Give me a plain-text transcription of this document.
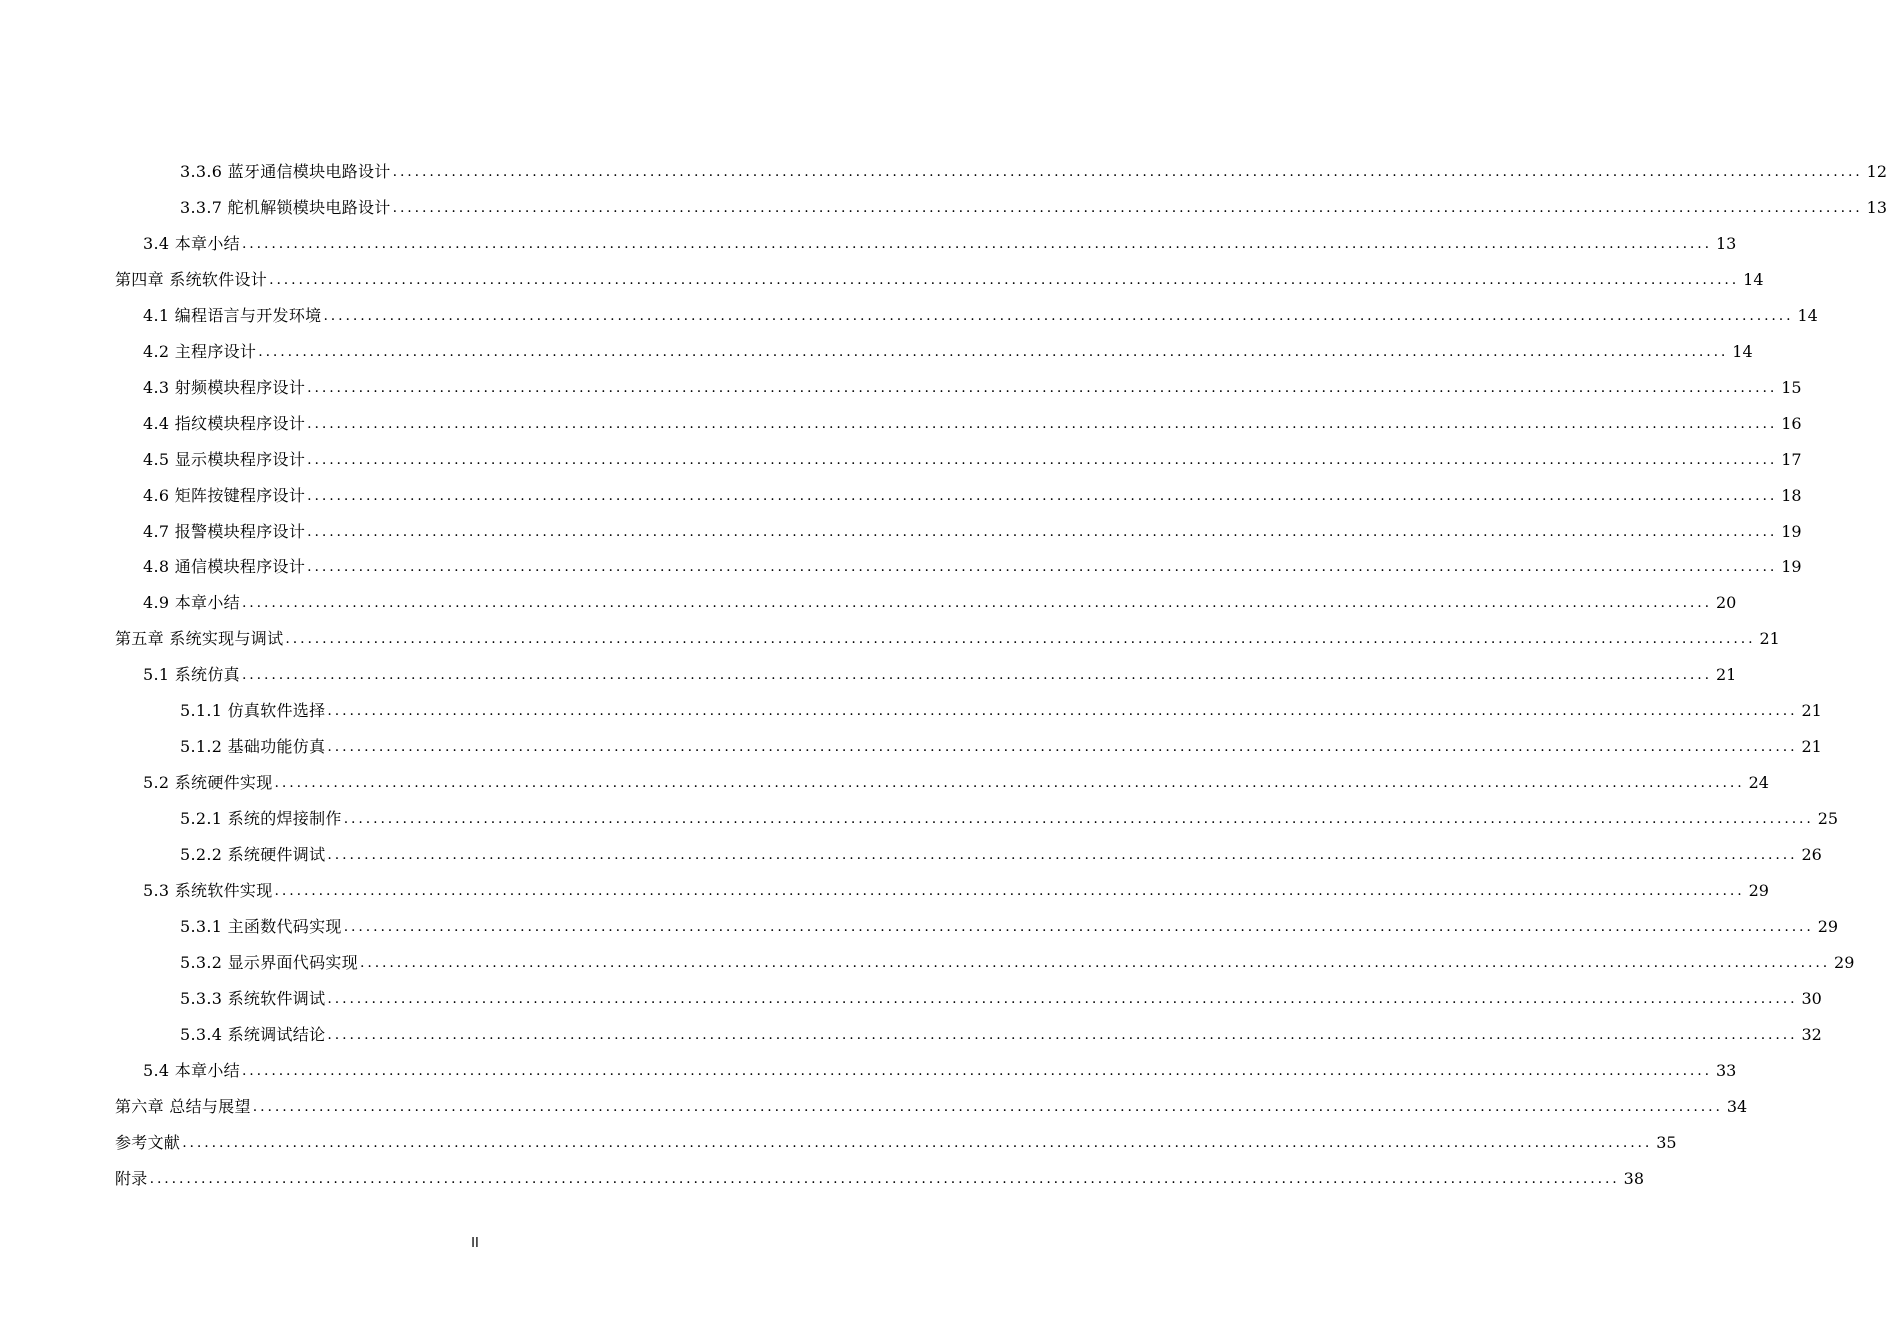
3.3.6 蓝牙通信模块电路设计 ........................................................................................................................................................................................................ 12
3.3.7 舵机解锁模块电路设计 ........................................................................................................................................................................................................ 13
3.4 本章小结 ........................................................................................................................................................................................................ 13
第四章 系统软件设计 ........................................................................................................................................................................................................ 14
4.1 编程语言与开发环境 ........................................................................................................................................................................................................ 14
4.2 主程序设计 ........................................................................................................................................................................................................ 14
4.3 射频模块程序设计 ........................................................................................................................................................................................................ 15
4.4 指纹模块程序设计 ........................................................................................................................................................................................................ 16
4.5 显示模块程序设计 ........................................................................................................................................................................................................ 17
4.6 矩阵按键程序设计 ........................................................................................................................................................................................................ 18
4.7 报警模块程序设计 ........................................................................................................................................................................................................ 19
4.8 通信模块程序设计 ........................................................................................................................................................................................................ 19
4.9 本章小结 ........................................................................................................................................................................................................ 20
第五章 系统实现与调试 ........................................................................................................................................................................................................ 21
5.1 系统仿真 ........................................................................................................................................................................................................ 21
5.1.1 仿真软件选择 ........................................................................................................................................................................................................ 21
5.1.2 基础功能仿真 ........................................................................................................................................................................................................ 21
5.2 系统硬件实现 ........................................................................................................................................................................................................ 24
5.2.1 系统的焊接制作 ........................................................................................................................................................................................................ 25
5.2.2 系统硬件调试 ........................................................................................................................................................................................................ 26
5.3 系统软件实现 ........................................................................................................................................................................................................ 29
5.3.1 主函数代码实现 ........................................................................................................................................................................................................ 29
5.3.2 显示界面代码实现 ........................................................................................................................................................................................................ 29
5.3.3 系统软件调试 ........................................................................................................................................................................................................ 30
5.3.4 系统调试结论 ........................................................................................................................................................................................................ 32
5.4 本章小结 ........................................................................................................................................................................................................ 33
第六章 总结与展望 ........................................................................................................................................................................................................ 34
参考文献 ........................................................................................................................................................................................................ 35
附录 ........................................................................................................................................................................................................ 38
II
